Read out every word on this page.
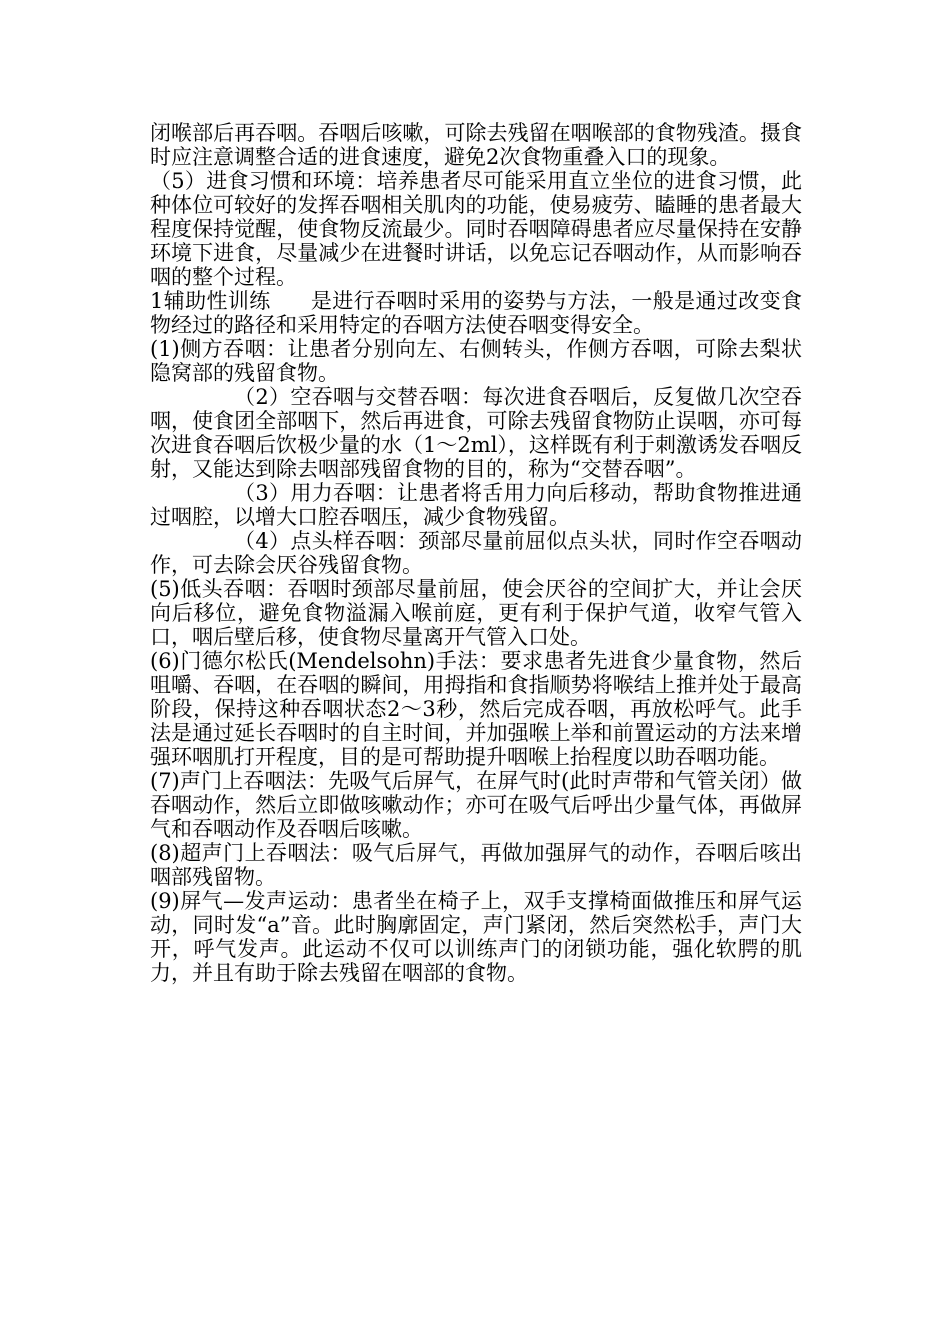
闭喉部后再吞咽。吞咽后咳嗽，可除去残留在咽喉部的食物残渣。摄食时应注意调整合适的进食速度，避免2次食物重叠入口的现象。

（5）进食习惯和环境：培养患者尽可能采用直立坐位的进食习惯，此种体位可较好的发挥吞咽相关肌肉的功能，使易疲劳、瞌睡的患者最大程度保持觉醒，使食物反流最少。同时吞咽障碍患者应尽量保持在安静环境下进食，尽量减少在进餐时讲话，以免忘记吞咽动作，从而影响吞咽的整个过程。

1辅助性训练 是进行吞咽时采用的姿势与方法，一般是通过改变食物经过的路径和采用特定的吞咽方法使吞咽变得安全。

(1)侧方吞咽：让患者分别向左、右侧转头，作侧方吞咽，可除去梨状隐窝部的残留食物。

（2）空吞咽与交替吞咽：每次进食吞咽后，反复做几次空吞咽，使食团全部咽下，然后再进食，可除去残留食物防止误咽，亦可每次进食吞咽后饮极少量的水（1～2ml），这样既有利于刺激诱发吞咽反射，又能达到除去咽部残留食物的目的，称为“交替吞咽”。

（3）用力吞咽：让患者将舌用力向后移动，帮助食物推进通过咽腔，以增大口腔吞咽压，减少食物残留。

（4）点头样吞咽：颈部尽量前屈似点头状，同时作空吞咽动作，可去除会厌谷残留食物。

(5)低头吞咽：吞咽时颈部尽量前屈，使会厌谷的空间扩大，并让会厌向后移位，避免食物溢漏入喉前庭，更有利于保护气道，收窄气管入口，咽后壁后移，使食物尽量离开气管入口处。

(6)门德尔松氏(Mendelsohn)手法：要求患者先进食少量食物，然后咀嚼、吞咽，在吞咽的瞬间，用拇指和食指顺势将喉结上推并处于最高阶段，保持这种吞咽状态2～3秒，然后完成吞咽，再放松呼气。此手法是通过延长吞咽时的自主时间，并加强喉上举和前置运动的方法来增强环咽肌打开程度，目的是可帮助提升咽喉上抬程度以助吞咽功能。

(7)声门上吞咽法：先吸气后屏气，在屏气时(此时声带和气管关闭）做吞咽动作，然后立即做咳嗽动作；亦可在吸气后呼出少量气体，再做屏气和吞咽动作及吞咽后咳嗽。

(8)超声门上吞咽法：吸气后屏气，再做加强屏气的动作，吞咽后咳出咽部残留物。

(9)屏气—发声运动：患者坐在椅子上，双手支撑椅面做推压和屏气运动，同时发“a”音。此时胸廓固定，声门紧闭，然后突然松手，声门大开，呼气发声。此运动不仅可以训练声门的闭锁功能，强化软腭的肌力，并且有助于除去残留在咽部的食物。
